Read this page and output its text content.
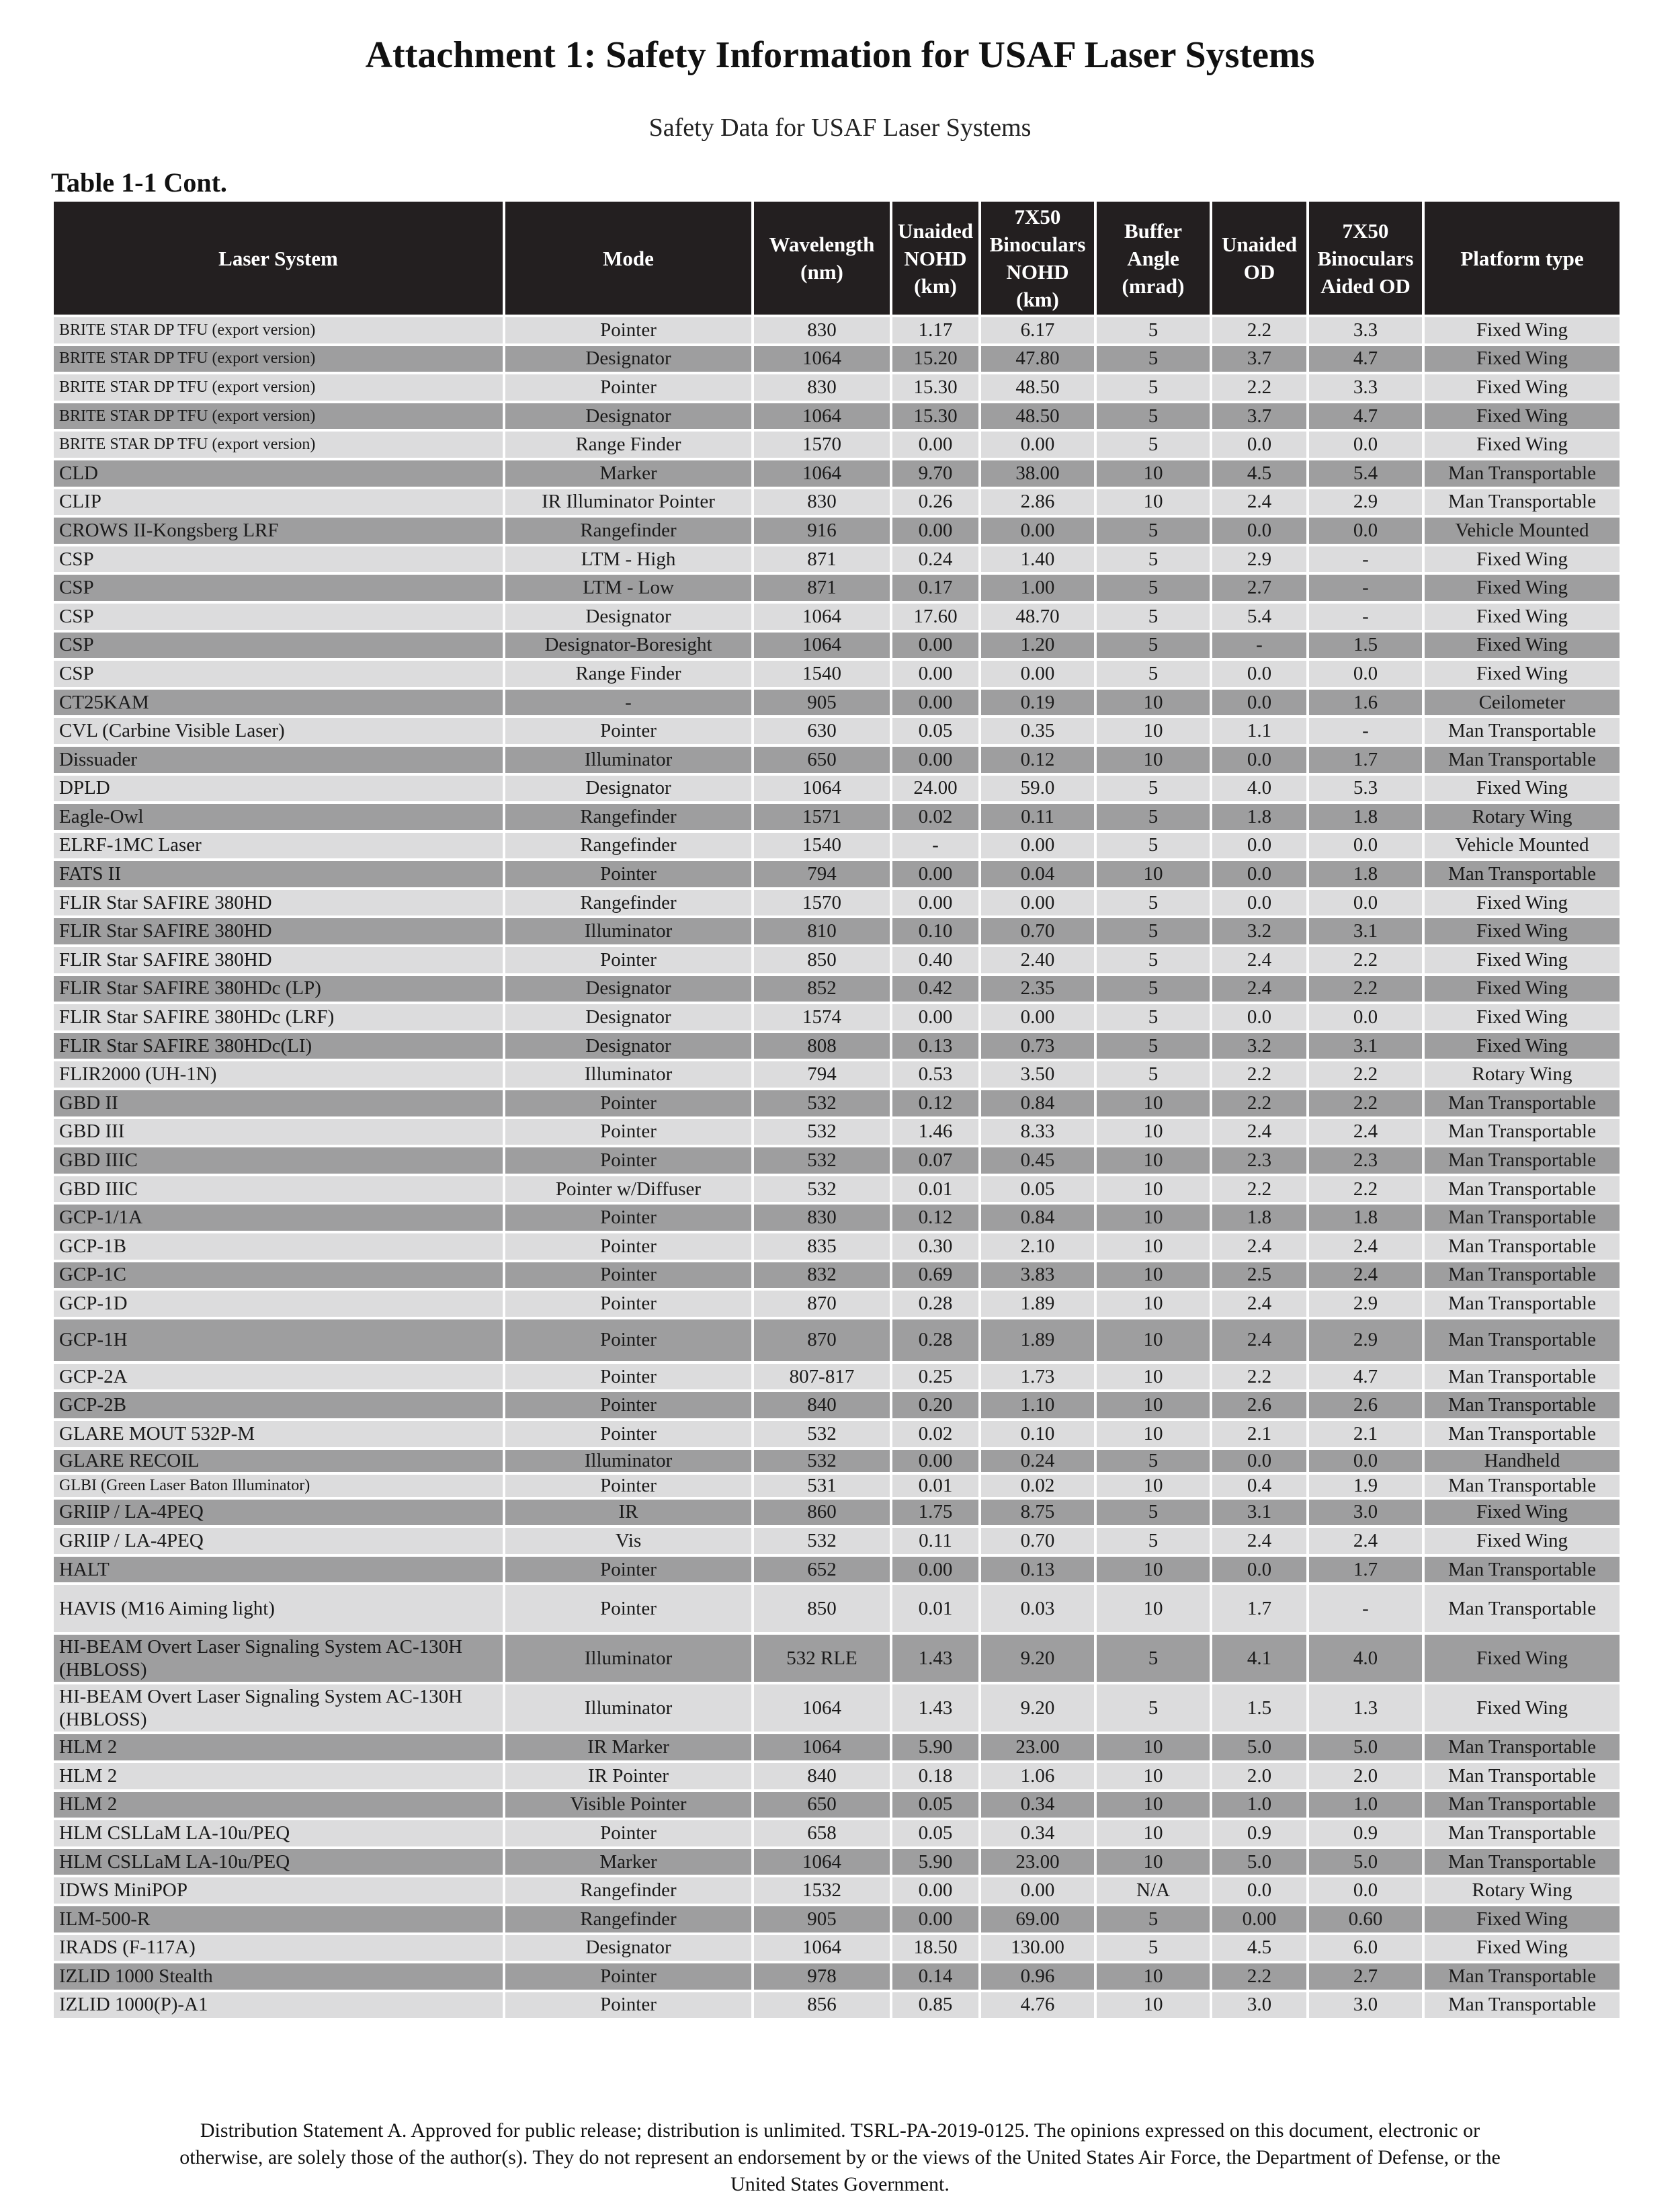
Attachment 1: Safety Information for USAF Laser Systems
Safety Data for USAF Laser Systems
Table 1-1 Cont.
Laser System	Mode	Wavelength (nm)	Unaided NOHD (km)	7X50 Binoculars NOHD (km)	Buffer Angle (mrad)	Unaided OD	7X50 Binoculars Aided OD	Platform type
BRITE STAR DP TFU (export version)	Pointer	830	1.17	6.17	5	2.2	3.3	Fixed Wing
BRITE STAR DP TFU (export version)	Designator	1064	15.20	47.80	5	3.7	4.7	Fixed Wing
BRITE STAR DP TFU (export version)	Pointer	830	15.30	48.50	5	2.2	3.3	Fixed Wing
BRITE STAR DP TFU (export version)	Designator	1064	15.30	48.50	5	3.7	4.7	Fixed Wing
BRITE STAR DP TFU (export version)	Range Finder	1570	0.00	0.00	5	0.0	0.0	Fixed Wing
CLD	Marker	1064	9.70	38.00	10	4.5	5.4	Man Transportable
CLIP	IR Illuminator Pointer	830	0.26	2.86	10	2.4	2.9	Man Transportable
CROWS II-Kongsberg LRF	Rangefinder	916	0.00	0.00	5	0.0	0.0	Vehicle Mounted
CSP	LTM - High	871	0.24	1.40	5	2.9	-	Fixed Wing
CSP	LTM - Low	871	0.17	1.00	5	2.7	-	Fixed Wing
CSP	Designator	1064	17.60	48.70	5	5.4	-	Fixed Wing
CSP	Designator-Boresight	1064	0.00	1.20	5	-	1.5	Fixed Wing
CSP	Range Finder	1540	0.00	0.00	5	0.0	0.0	Fixed Wing
CT25KAM	-	905	0.00	0.19	10	0.0	1.6	Ceilometer
CVL (Carbine Visible Laser)	Pointer	630	0.05	0.35	10	1.1	-	Man Transportable
Dissuader	Illuminator	650	0.00	0.12	10	0.0	1.7	Man Transportable
DPLD	Designator	1064	24.00	59.0	5	4.0	5.3	Fixed Wing
Eagle-Owl	Rangefinder	1571	0.02	0.11	5	1.8	1.8	Rotary Wing
ELRF-1MC Laser	Rangefinder	1540	-	0.00	5	0.0	0.0	Vehicle Mounted
FATS II	Pointer	794	0.00	0.04	10	0.0	1.8	Man Transportable
FLIR Star SAFIRE 380HD	Rangefinder	1570	0.00	0.00	5	0.0	0.0	Fixed Wing
FLIR Star SAFIRE 380HD	Illuminator	810	0.10	0.70	5	3.2	3.1	Fixed Wing
FLIR Star SAFIRE 380HD	Pointer	850	0.40	2.40	5	2.4	2.2	Fixed Wing
FLIR Star SAFIRE 380HDc (LP)	Designator	852	0.42	2.35	5	2.4	2.2	Fixed Wing
FLIR Star SAFIRE 380HDc (LRF)	Designator	1574	0.00	0.00	5	0.0	0.0	Fixed Wing
FLIR Star SAFIRE 380HDc(LI)	Designator	808	0.13	0.73	5	3.2	3.1	Fixed Wing
FLIR2000 (UH-1N)	Illuminator	794	0.53	3.50	5	2.2	2.2	Rotary Wing
GBD II	Pointer	532	0.12	0.84	10	2.2	2.2	Man Transportable
GBD III	Pointer	532	1.46	8.33	10	2.4	2.4	Man Transportable
GBD IIIC	Pointer	532	0.07	0.45	10	2.3	2.3	Man Transportable
GBD IIIC	Pointer w/Diffuser	532	0.01	0.05	10	2.2	2.2	Man Transportable
GCP-1/1A	Pointer	830	0.12	0.84	10	1.8	1.8	Man Transportable
GCP-1B	Pointer	835	0.30	2.10	10	2.4	2.4	Man Transportable
GCP-1C	Pointer	832	0.69	3.83	10	2.5	2.4	Man Transportable
GCP-1D	Pointer	870	0.28	1.89	10	2.4	2.9	Man Transportable
GCP-1H	Pointer	870	0.28	1.89	10	2.4	2.9	Man Transportable
GCP-2A	Pointer	807-817	0.25	1.73	10	2.2	4.7	Man Transportable
GCP-2B	Pointer	840	0.20	1.10	10	2.6	2.6	Man Transportable
GLARE MOUT 532P-M	Pointer	532	0.02	0.10	10	2.1	2.1	Man Transportable
GLARE RECOIL	Illuminator	532	0.00	0.24	5	0.0	0.0	Handheld
GLBI (Green Laser Baton Illuminator)	Pointer	531	0.01	0.02	10	0.4	1.9	Man Transportable
GRIIP / LA-4PEQ	IR	860	1.75	8.75	5	3.1	3.0	Fixed Wing
GRIIP / LA-4PEQ	Vis	532	0.11	0.70	5	2.4	2.4	Fixed Wing
HALT	Pointer	652	0.00	0.13	10	0.0	1.7	Man Transportable
HAVIS (M16 Aiming light)	Pointer	850	0.01	0.03	10	1.7	-	Man Transportable
HI-BEAM Overt Laser Signaling System AC-130H (HBLOSS)	Illuminator	532 RLE	1.43	9.20	5	4.1	4.0	Fixed Wing
HI-BEAM Overt Laser Signaling System AC-130H (HBLOSS)	Illuminator	1064	1.43	9.20	5	1.5	1.3	Fixed Wing
HLM 2	IR Marker	1064	5.90	23.00	10	5.0	5.0	Man Transportable
HLM 2	IR Pointer	840	0.18	1.06	10	2.0	2.0	Man Transportable
HLM 2	Visible Pointer	650	0.05	0.34	10	1.0	1.0	Man Transportable
HLM CSLLaM LA-10u/PEQ	Pointer	658	0.05	0.34	10	0.9	0.9	Man Transportable
HLM CSLLaM LA-10u/PEQ	Marker	1064	5.90	23.00	10	5.0	5.0	Man Transportable
IDWS MiniPOP	Rangefinder	1532	0.00	0.00	N/A	0.0	0.0	Rotary Wing
ILM-500-R	Rangefinder	905	0.00	69.00	5	0.00	0.60	Fixed Wing
IRADS (F-117A)	Designator	1064	18.50	130.00	5	4.5	6.0	Fixed Wing
IZLID 1000 Stealth	Pointer	978	0.14	0.96	10	2.2	2.7	Man Transportable
IZLID 1000(P)-A1	Pointer	856	0.85	4.76	10	3.0	3.0	Man Transportable
Distribution Statement A. Approved for public release; distribution is unlimited. TSRL-PA-2019-0125. The opinions expressed on this document, electronic or otherwise, are solely those of the author(s). They do not represent an endorsement by or the views of the United States Air Force, the Department of Defense, or the United States Government.
